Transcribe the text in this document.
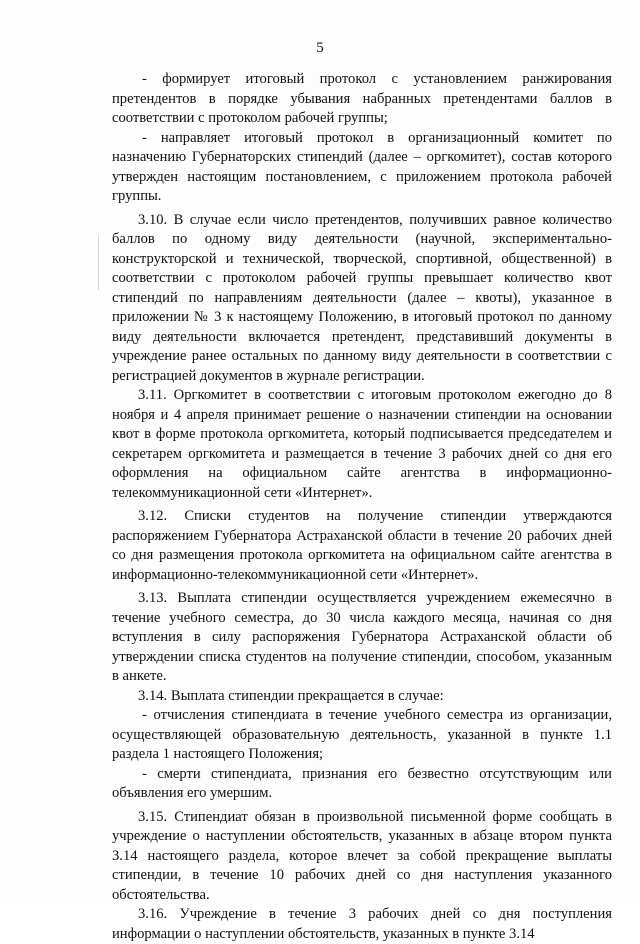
5

- формирует итоговый протокол с установлением ранжирования претендентов в порядке убывания набранных претендентами баллов в соответствии с протоколом рабочей группы;

- направляет итоговый протокол в организационный комитет по назначению Губернаторских стипендий (далее – оргкомитет), состав которого утвержден настоящим постановлением, с приложением протокола рабочей группы.

3.10. В случае если число претендентов, получивших равное количество баллов по одному виду деятельности (научной, экспериментально-конструкторской и технической, творческой, спортивной, общественной) в соответствии с протоколом рабочей группы превышает количество квот стипендий по направлениям деятельности (далее – квоты), указанное в приложении № 3 к настоящему Положению, в итоговый протокол по данному виду деятельности включается претендент, представивший документы в учреждение ранее остальных по данному виду деятельности в соответствии с регистрацией документов в журнале регистрации.

3.11. Оргкомитет в соответствии с итоговым протоколом ежегодно до 8 ноября и 4 апреля принимает решение о назначении стипендии на основании квот в форме протокола оргкомитета, который подписывается председателем и секретарем оргкомитета и размещается в течение 3 рабочих дней со дня его оформления на официальном сайте агентства в информационно-телекоммуникационной сети «Интернет».

3.12. Списки студентов на получение стипендии утверждаются распоряжением Губернатора Астраханской области в течение 20 рабочих дней со дня размещения протокола оргкомитета на официальном сайте агентства в информационно-телекоммуникационной сети «Интернет».

3.13. Выплата стипендии осуществляется учреждением ежемесячно в течение учебного семестра, до 30 числа каждого месяца, начиная со дня вступления в силу распоряжения Губернатора Астраханской области об утверждении списка студентов на получение стипендии, способом, указанным в анкете.

3.14. Выплата стипендии прекращается в случае:

- отчисления стипендиата в течение учебного семестра из организации, осуществляющей образовательную деятельность, указанной в пункте 1.1 раздела 1 настоящего Положения;

- смерти стипендиата, признания его безвестно отсутствующим или объявления его умершим.

3.15. Стипендиат обязан в произвольной письменной форме сообщать в учреждение о наступлении обстоятельств, указанных в абзаце втором пункта 3.14 настоящего раздела, которое влечет за собой прекращение выплаты стипендии, в течение 10 рабочих дней со дня наступления указанного обстоятельства.

3.16. Учреждение в течение 3 рабочих дней со дня поступления информации о наступлении обстоятельств, указанных в пункте 3.14
